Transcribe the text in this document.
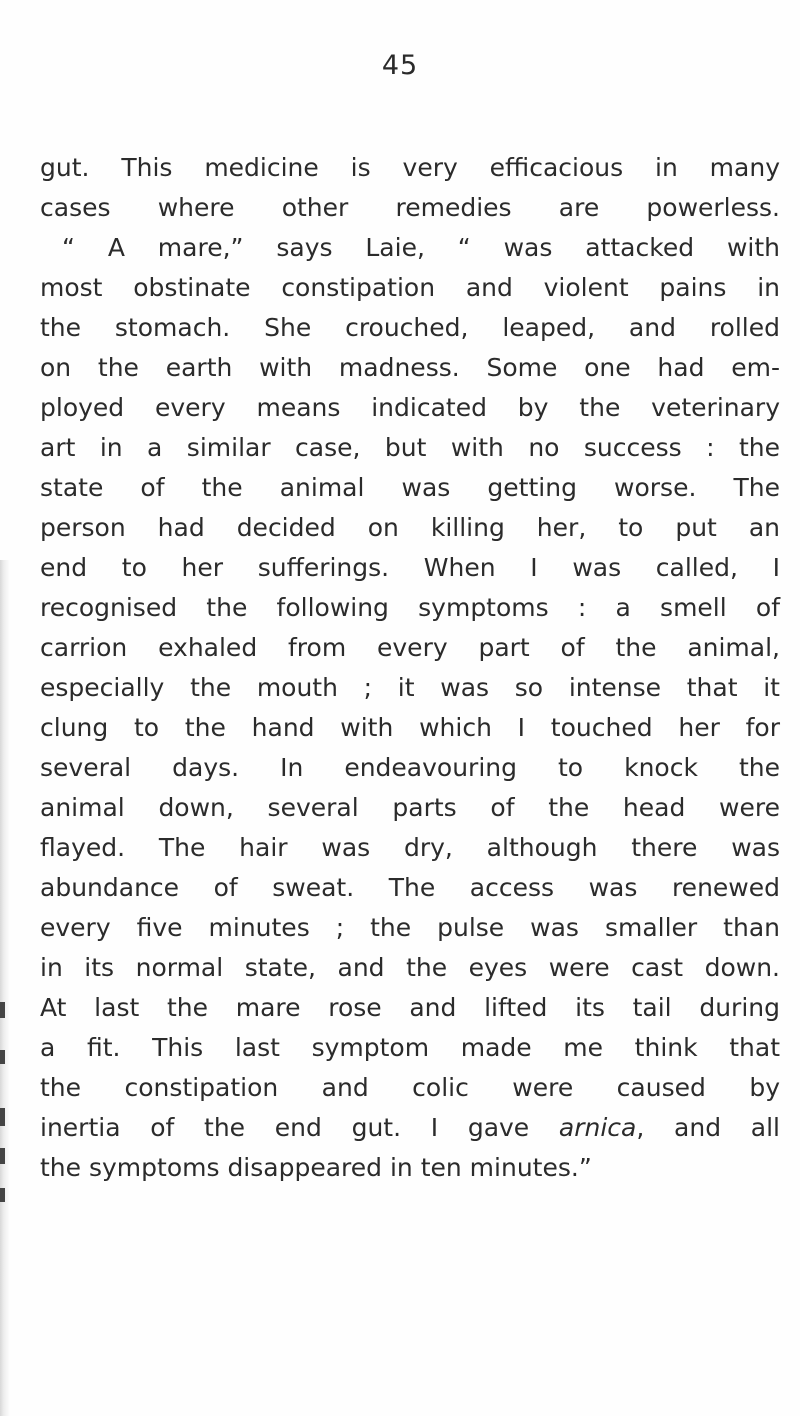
45
gut. This medicine is very efficacious in many
cases where other remedies are powerless.
“ A mare,” says Laie, “ was attacked with
most obstinate constipation and violent pains in
the stomach. She crouched, leaped, and rolled
on the earth with madness. Some one had em-
ployed every means indicated by the veterinary
art in a similar case, but with no success : the
state of the animal was getting worse. The
person had decided on killing her, to put an
end to her sufferings. When I was called, I
recognised the following symptoms : a smell of
carrion exhaled from every part of the animal,
especially the mouth ; it was so intense that it
clung to the hand with which I touched her for
several days. In endeavouring to knock the
animal down, several parts of the head were
flayed. The hair was dry, although there was
abundance of sweat. The access was renewed
every five minutes ; the pulse was smaller than
in its normal state, and the eyes were cast down.
At last the mare rose and lifted its tail during
a fit. This last symptom made me think that
the constipation and colic were caused by
inertia of the end gut. I gave arnica, and all
the symptoms disappeared in ten minutes.”
